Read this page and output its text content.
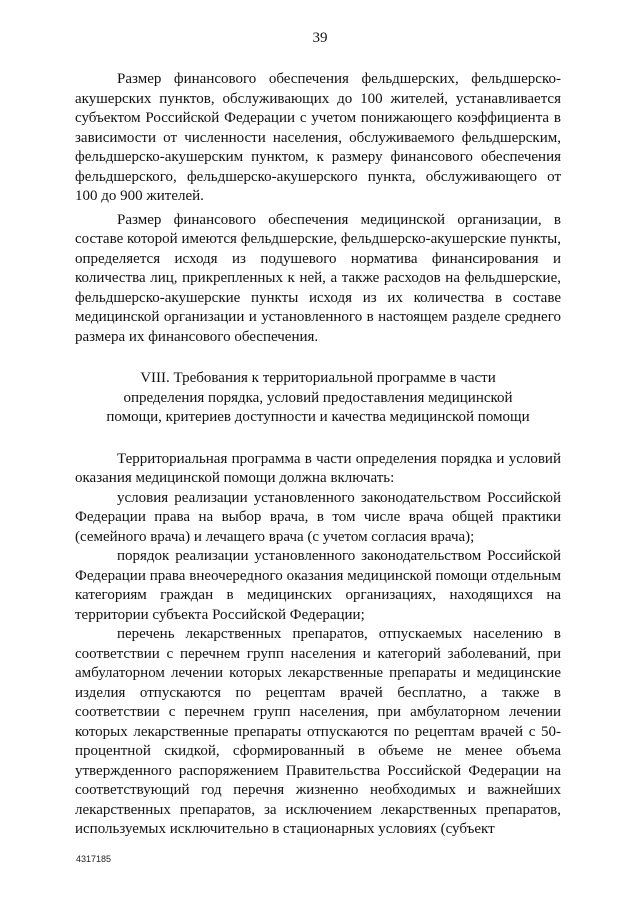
39

Размер финансового обеспечения фельдшерских, фельдшерско-акушерских пунктов, обслуживающих до 100 жителей, устанавливается субъектом Российской Федерации с учетом понижающего коэффициента в зависимости от численности населения, обслуживаемого фельдшерским, фельдшерско-акушерским пунктом, к размеру финансового обеспечения фельдшерского, фельдшерско-акушерского пункта, обслуживающего от 100 до 900 жителей.

Размер финансового обеспечения медицинской организации, в составе которой имеются фельдшерские, фельдшерско-акушерские пункты, определяется исходя из подушевого норматива финансирования и количества лиц, прикрепленных к ней, а также расходов на фельдшерские, фельдшерско-акушерские пункты исходя из их количества в составе медицинской организации и установленного в настоящем разделе среднего размера их финансового обеспечения.

VIII. Требования к территориальной программе в части
определения порядка, условий предоставления медицинской
помощи, критериев доступности и качества медицинской помощи

Территориальная программа в части определения порядка и условий оказания медицинской помощи должна включать:

условия реализации установленного законодательством Российской Федерации права на выбор врача, в том числе врача общей практики (семейного врача) и лечащего врача (с учетом согласия врача);

порядок реализации установленного законодательством Российской Федерации права внеочередного оказания медицинской помощи отдельным категориям граждан в медицинских организациях, находящихся на территории субъекта Российской Федерации;

перечень лекарственных препаратов, отпускаемых населению в соответствии с перечнем групп населения и категорий заболеваний, при амбулаторном лечении которых лекарственные препараты и медицинские изделия отпускаются по рецептам врачей бесплатно, а также в соответствии с перечнем групп населения, при амбулаторном лечении которых лекарственные препараты отпускаются по рецептам врачей с 50-процентной скидкой, сформированный в объеме не менее объема утвержденного распоряжением Правительства Российской Федерации на соответствующий год перечня жизненно необходимых и важнейших лекарственных препаратов, за исключением лекарственных препаратов, используемых исключительно в стационарных условиях (субъект

4317185
